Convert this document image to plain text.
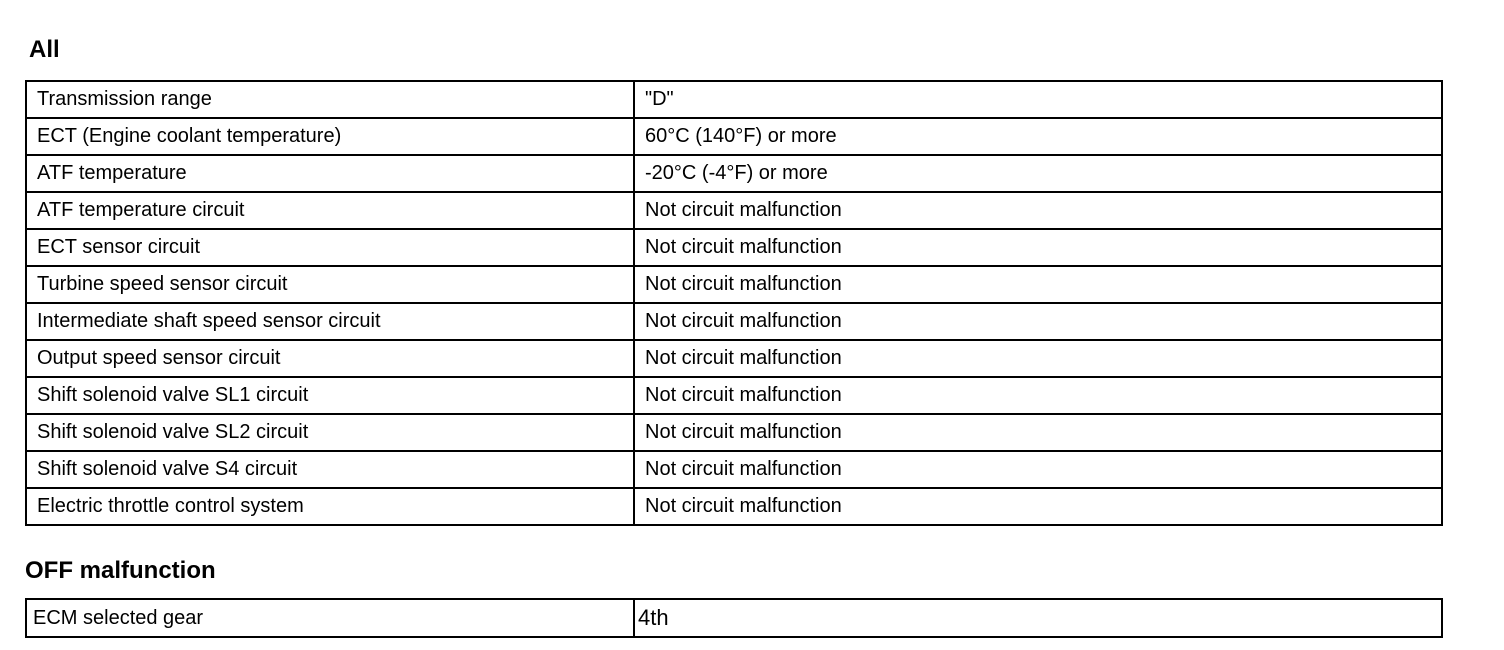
All
Transmission range	"D"
ECT (Engine coolant temperature)	60°C (140°F) or more
ATF temperature	-20°C (-4°F) or more
ATF temperature circuit	Not circuit malfunction
ECT sensor circuit	Not circuit malfunction
Turbine speed sensor circuit	Not circuit malfunction
Intermediate shaft speed sensor circuit	Not circuit malfunction
Output speed sensor circuit	Not circuit malfunction
Shift solenoid valve SL1 circuit	Not circuit malfunction
Shift solenoid valve SL2 circuit	Not circuit malfunction
Shift solenoid valve S4 circuit	Not circuit malfunction
Electric throttle control system	Not circuit malfunction
OFF malfunction
ECM selected gear	4th
